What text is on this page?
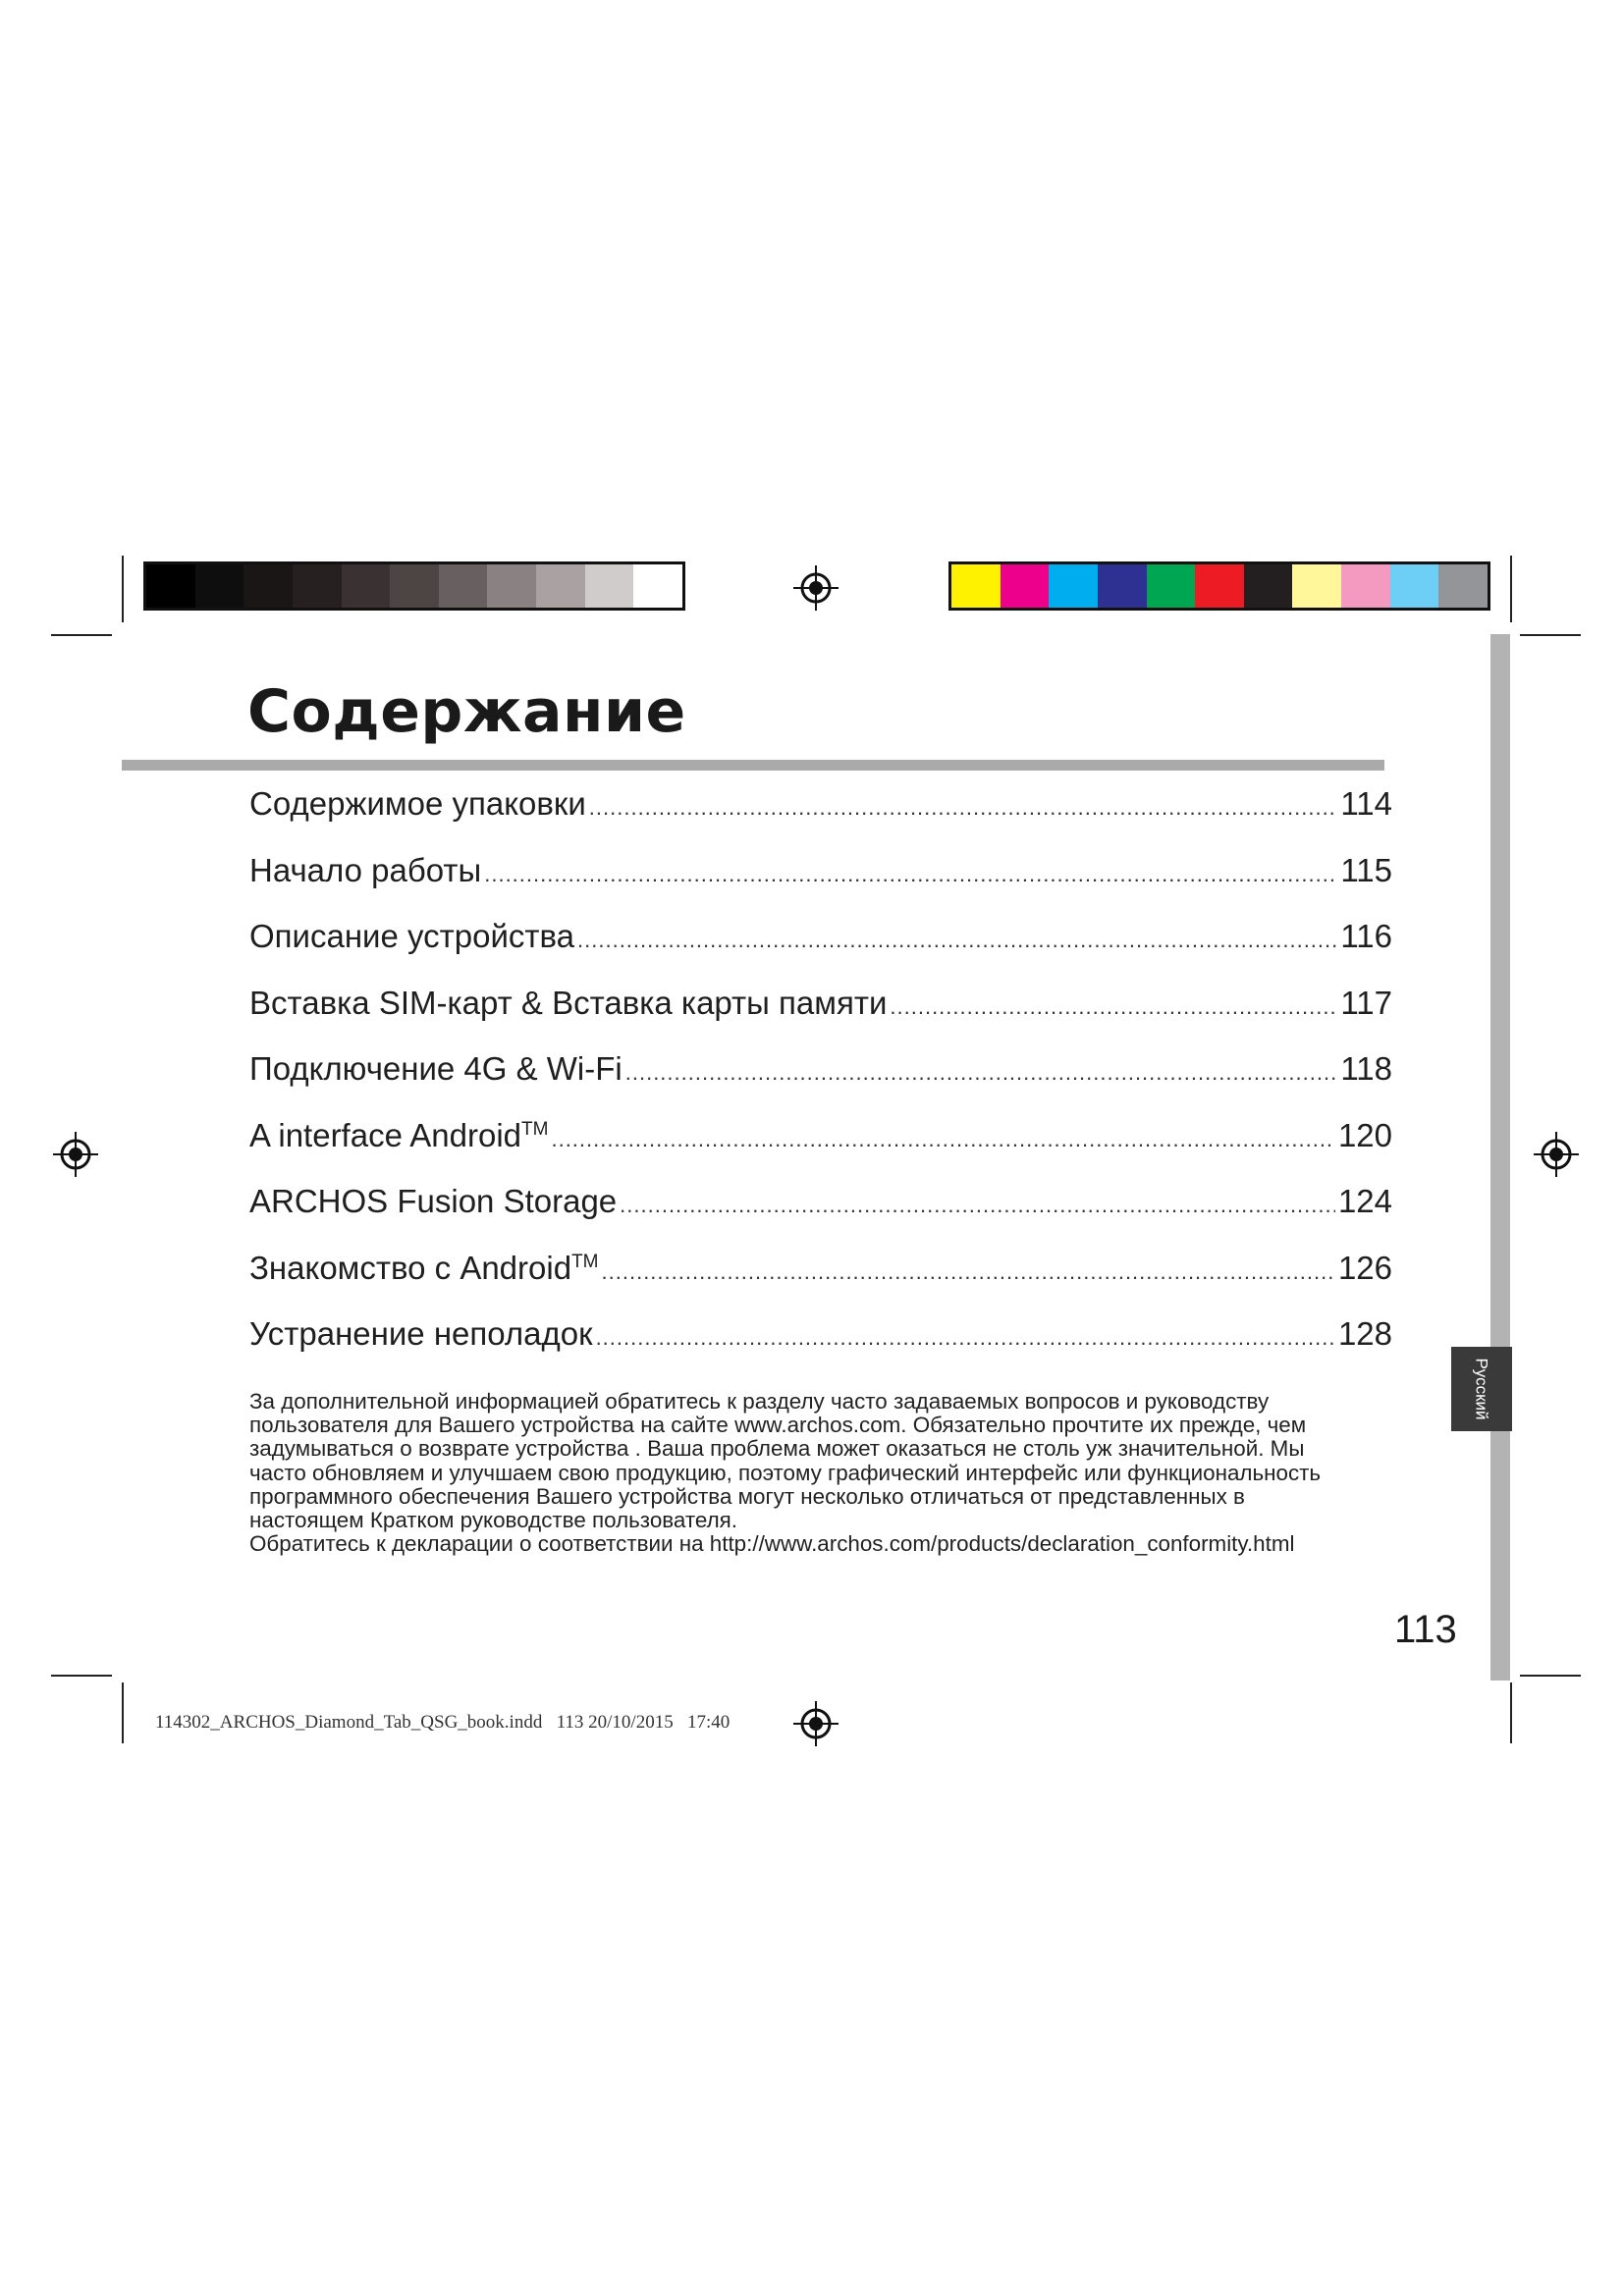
Содержание
Содержимое упаковки .....	114
Начало работы .....	115
Описание устройства .....	116
Вставка SIM-карт & Вставка карты памяти .....	117
Подключение 4G & Wi-Fi .....	118
A interface Android™ .....	120
ARCHOS Fusion Storage .....	124
Знакомство с Android™ .....	126
Устранение неполадок .....	128

За дополнительной информацией обратитесь к разделу часто задаваемых вопросов и руководству

пользователя для Вашего устройства на сайте www.archos.com. Обязательно прочтите их прежде, чем

задумываться о возврате устройства . Ваша проблема может оказаться не столь уж значительной. Мы

часто обновляем и улучшаем свою продукцию, поэтому графический интерфейс или функциональность

программного обеспечения Вашего устройства могут несколько отличаться от представленных в

настоящем Кратком руководстве пользователя.

Обратитесь к декларации о соответствии на http://www.archos.com/products/declaration_conformity.html

113
Русский
114302_ARCHOS_Diamond_Tab_QSG_book.indd   113 20/10/2015   17:40
